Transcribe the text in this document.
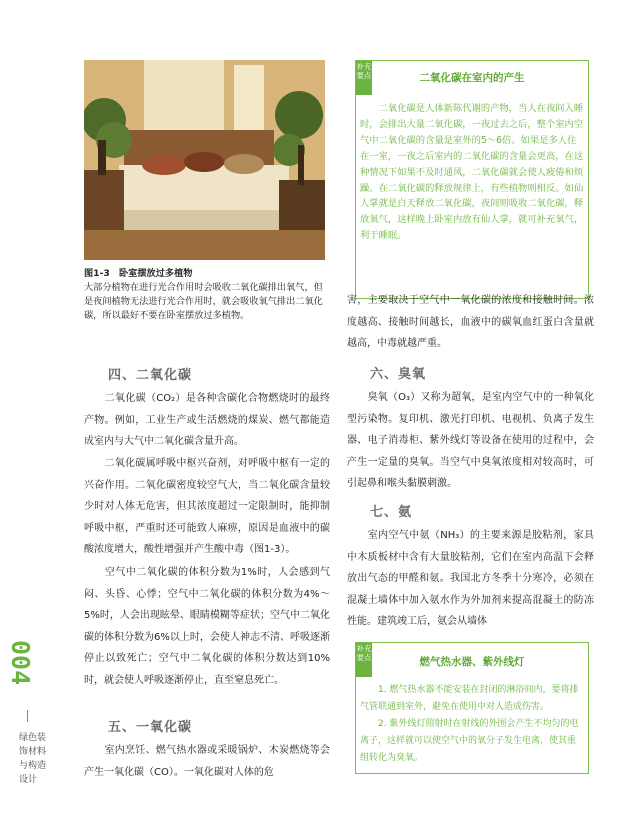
图1-3　 卧室摆放过多植物
大部分植物在进行光合作用时会吸收二氧化碳排出氧气，但是夜间植物无法进行光合作用时，就会吸收氧气排出二氧化碳，所以最好不要在卧室摆放过多植物。
补充要点	二氧化碳在室内的产生
　　二氧化碳是人体新陈代谢的产物，当人在夜间入睡时，会排出大量二氧化碳，一夜过去之后，整个室内空气中二氧化碳的含量是室外的5～6倍。如果是多人住在一室，一夜之后室内的二氧化碳的含量会更高，在这种情况下如果不及时通风，二氧化碳就会使人疲倦和烦躁。在二氧化碳的释放规律上，有些植物则相反。如仙人掌就是白天释放二氧化碳，夜间则吸收二氧化碳，释放氧气，这样晚上卧室内放有仙人掌，就可补充氧气，利于睡眠。
四、二氧化碳
　　二氧化碳（CO₂）是各种含碳化合物燃烧时的最终产物。例如，工业生产或生活燃烧的煤炭、燃气都能造成室内与大气中二氧化碳含量升高。
　　二氧化碳属呼吸中枢兴奋剂，对呼吸中枢有一定的兴奋作用。二氧化碳密度较空气大，当二氧化碳含量较少时对人体无危害，但其浓度超过一定限制时，能抑制呼吸中枢，严重时还可能致人麻痹，原因是血液中的碳酸浓度增大，酸性增强并产生酸中毒（图1-3）。
　　空气中二氧化碳的体积分数为1%时，人会感到气闷、头昏、心悸；空气中二氧化碳的体积分数为4%～5%时，人会出现眩晕、眼睛模糊等症状；空气中二氧化碳的体积分数为6%以上时，会使人神志不清、呼吸逐渐停止以致死亡；空气中二氧化碳的体积分数达到10%时，就会使人呼吸逐渐停止，直至窒息死亡。
五、一氧化碳
　　室内烹饪、燃气热水器或采暖锅炉、木炭燃烧等会产生一氧化碳（CO）。一氧化碳对人体的危
害，主要取决于空气中一氧化碳的浓度和接触时间。浓度越高、接触时间越长，血液中的碳氧血红蛋白含量就越高，中毒就越严重。
六、臭氧
　　臭氧（O₃）又称为超氧，是室内空气中的一种氧化型污染物。复印机、激光打印机、电视机、负离子发生器、电子消毒柜、紫外线灯等设备在使用的过程中，会产生一定量的臭氧。当空气中臭氧浓度相对较高时，可引起鼻和喉头黏膜刺激。
七、氨
　　室内空气中氨（NH₃）的主要来源是胶粘剂，家具中木质板材中含有大量胶粘剂，它们在室内高温下会释放出气态的甲醛和氨。我国北方冬季十分寒冷，必须在混凝土墙体中加入氨水作为外加剂来提高混凝土的防冻性能。建筑竣工后，氨会从墙体
补充要点	燃气热水器、紫外线灯
　　1. 燃气热水器不能安装在封闭的淋浴间内，要将排气管联通到室外，避免在使用中对人造成伤害。
　　2. 紫外线灯照射时在射线的外围会产生不均匀的电离子，这样就可以使空气中的氧分子发生电离，使其重组转化为臭氧。
004
绿色装饰材料与构造设计
